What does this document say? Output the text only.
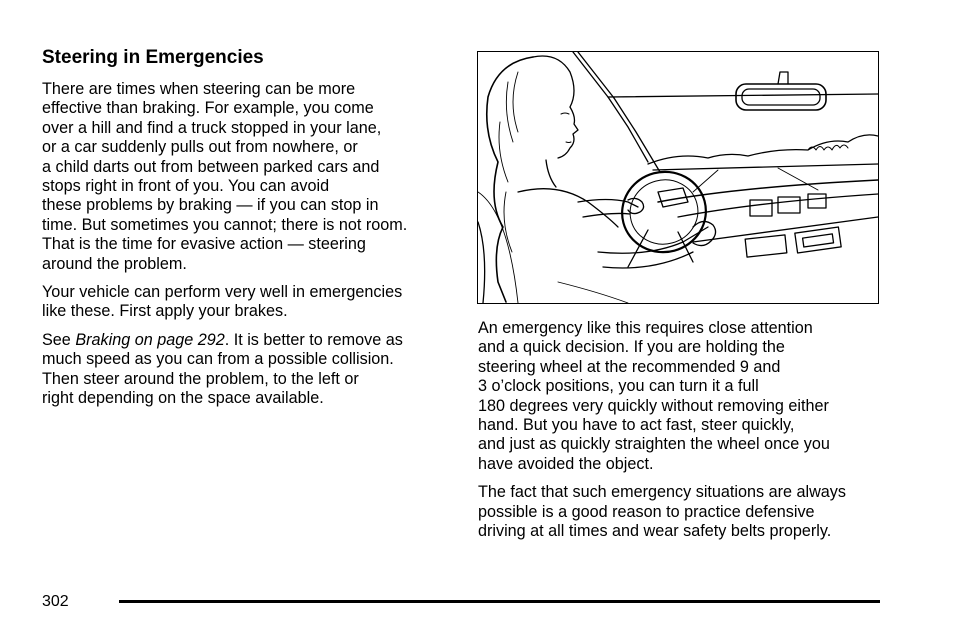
Steering in Emergencies

There are times when steering can be more
effective than braking. For example, you come
over a hill and find a truck stopped in your lane,
or a car suddenly pulls out from nowhere, or
a child darts out from between parked cars and
stops right in front of you. You can avoid
these problems by braking — if you can stop in
time. But sometimes you cannot; there is not room.
That is the time for evasive action — steering
around the problem.

Your vehicle can perform very well in emergencies
like these. First apply your brakes.

See Braking on page 292. It is better to remove as
much speed as you can from a possible collision.
Then steer around the problem, to the left or
right depending on the space available.

An emergency like this requires close attention
and a quick decision. If you are holding the
steering wheel at the recommended 9 and
3 o’clock positions, you can turn it a full
180 degrees very quickly without removing either
hand. But you have to act fast, steer quickly,
and just as quickly straighten the wheel once you
have avoided the object.

The fact that such emergency situations are always
possible is a good reason to practice defensive
driving at all times and wear safety belts properly.

302
